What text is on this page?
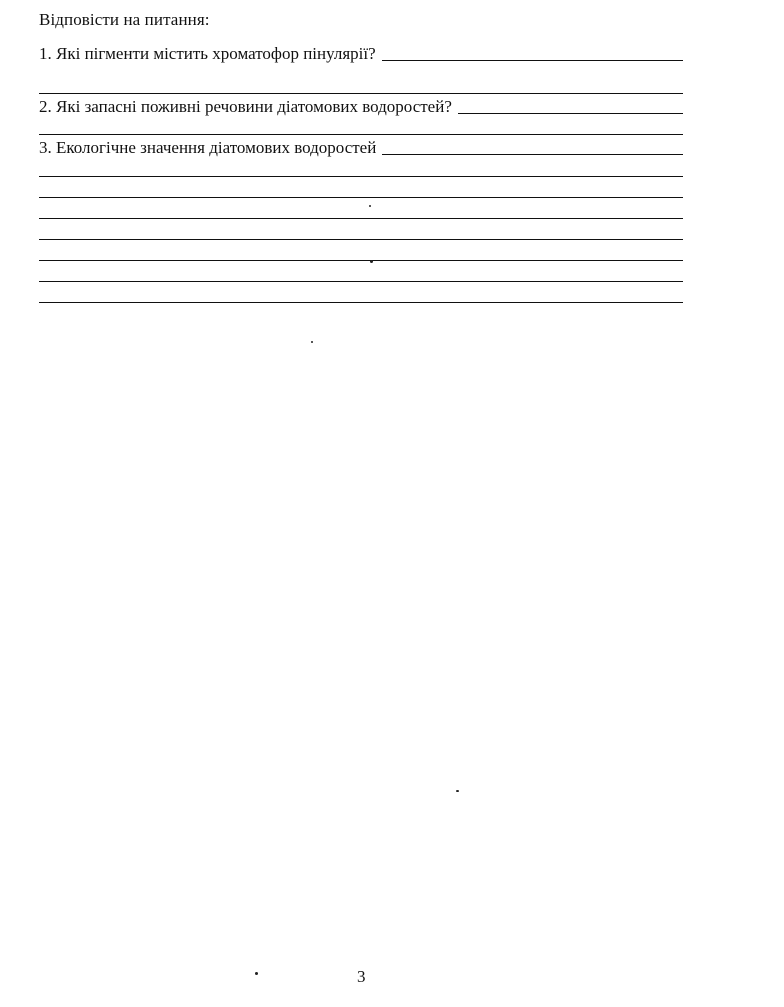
Відповісти на питання:
1. Які пігменти містить хроматофор пінулярії?
2. Які запасні поживні речовини діатомових водоростей?
3. Екологічне значення діатомових водоростей
3
